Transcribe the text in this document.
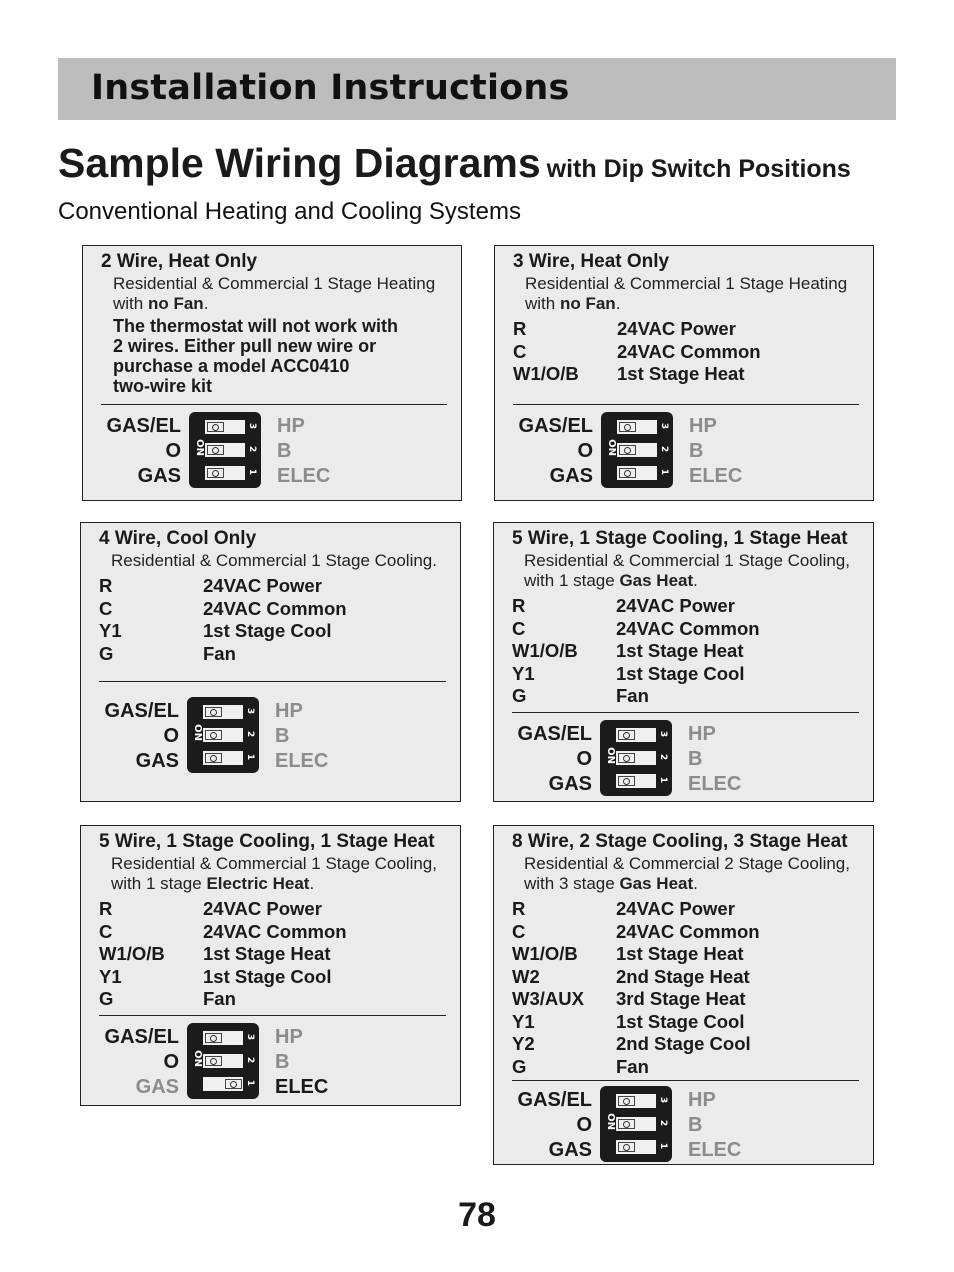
Installation Instructions
Sample Wiring Diagrams with Dip Switch Positions
Conventional Heating and Cooling Systems
2 Wire, Heat Only
Residential & Commercial 1 Stage Heating
with no Fan.
The thermostat will not work with
2 wires. Either pull new wire or
purchase a model ACC0410
two-wire kit
GAS/EL
O
GAS
ON
3
2
1
HP
B
ELEC
3 Wire, Heat Only
Residential & Commercial 1 Stage Heating
with no Fan.
R	24VAC Power
C	24VAC Common
W1/O/B	1st Stage Heat
GAS/EL
O
GAS
ON
3
2
1
HP
B
ELEC
4 Wire, Cool Only
Residential & Commercial 1 Stage Cooling.
R	24VAC Power
C	24VAC Common
Y1	1st Stage Cool
G	Fan
GAS/EL
O
GAS
ON
3
2
1
HP
B
ELEC
5 Wire, 1 Stage Cooling, 1 Stage Heat
Residential & Commercial 1 Stage Cooling,
with 1 stage Gas Heat.
R	24VAC Power
C	24VAC Common
W1/O/B	1st Stage Heat
Y1	1st Stage Cool
G	Fan
GAS/EL
O
GAS
ON
3
2
1
HP
B
ELEC
5 Wire, 1 Stage Cooling, 1 Stage Heat
Residential & Commercial 1 Stage Cooling,
with 1 stage Electric Heat.
R	24VAC Power
C	24VAC Common
W1/O/B	1st Stage Heat
Y1	1st Stage Cool
G	Fan
GAS/EL
O
GAS
ON
3
2
1
HP
B
ELEC
8 Wire, 2 Stage Cooling, 3 Stage Heat
Residential & Commercial 2 Stage Cooling,
with 3 stage Gas Heat.
R	24VAC Power
C	24VAC Common
W1/O/B	1st Stage Heat
W2	2nd Stage Heat
W3/AUX	3rd Stage Heat
Y1	1st Stage Cool
Y2	2nd Stage Cool
G	Fan
GAS/EL
O
GAS
ON
3
2
1
HP
B
ELEC
78
